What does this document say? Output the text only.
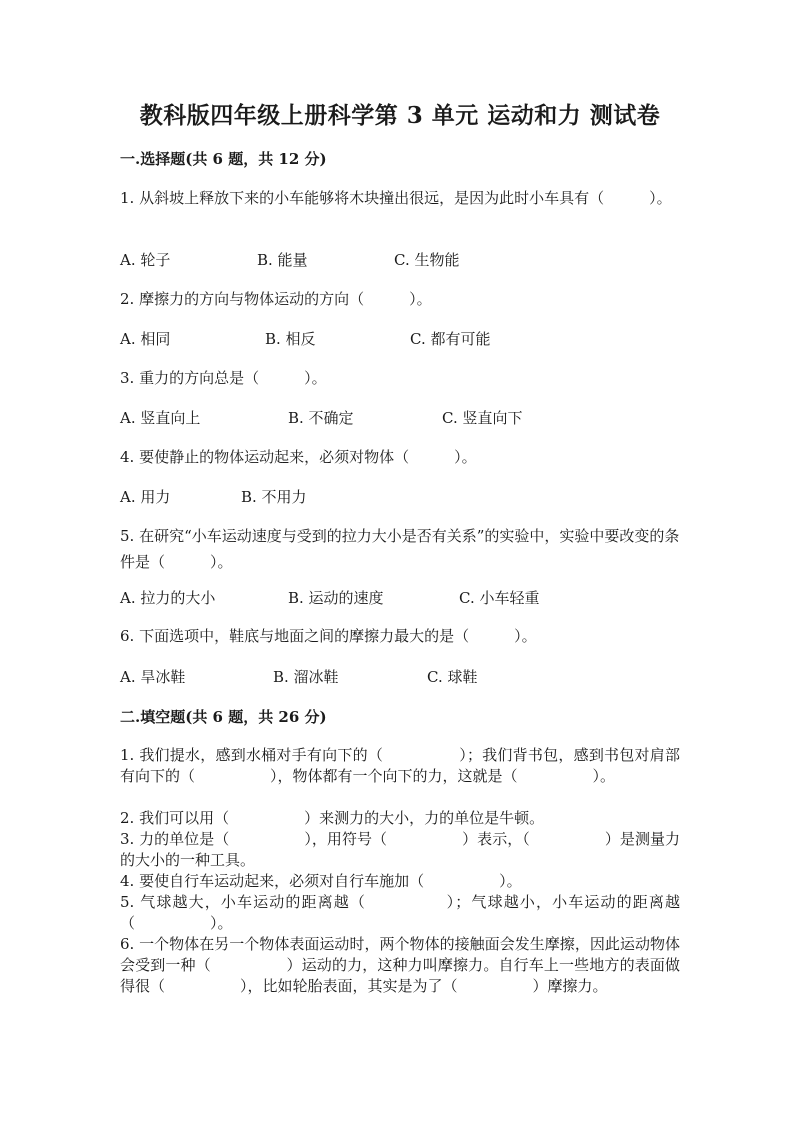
教科版四年级上册科学第 3 单元 运动和力 测试卷
一.选择题(共 6 题，共 12 分)
1. 从斜坡上释放下来的小车能够将木块撞出很远，是因为此时小车具有（　　　）。
A. 轮子	B. 能量	C. 生物能
2. 摩擦力的方向与物体运动的方向（　　　）。
A. 相同	B. 相反	C. 都有可能
3. 重力的方向总是（　　　）。
A. 竖直向上	B. 不确定	C. 竖直向下
4. 要使静止的物体运动起来，必须对物体（　　　）。
A. 用力	B. 不用力
5. 在研究“小车运动速度与受到的拉力大小是否有关系”的实验中，实验中要改变的条件是（　　　）。
A. 拉力的大小	B. 运动的速度	C. 小车轻重
6. 下面选项中，鞋底与地面之间的摩擦力最大的是（　　　）。
A. 旱冰鞋	B. 溜冰鞋	C. 球鞋
二.填空题(共 6 题，共 26 分)
1. 我们提水，感到水桶对手有向下的（　　　　　）；我们背书包，感到书包对肩部有向下的（　　　　　），物体都有一个向下的力，这就是（　　　　　）。
2. 我们可以用（　　　　　）来测力的大小，力的单位是牛顿。
3. 力的单位是（　　　　　），用符号（　　　　　）表示，（　　　　　）是测量力的大小的一种工具。
4. 要使自行车运动起来，必须对自行车施加（　　　　　）。
5. 气球越大，小车运动的距离越（　　　　　）；气球越小，小车运动的距离越（　　　　　）。
6. 一个物体在另一个物体表面运动时，两个物体的接触面会发生摩擦，因此运动物体会受到一种（　　　　　）运动的力，这种力叫摩擦力。自行车上一些地方的表面做得很（　　　　　），比如轮胎表面，其实是为了（　　　　　）摩擦力。
